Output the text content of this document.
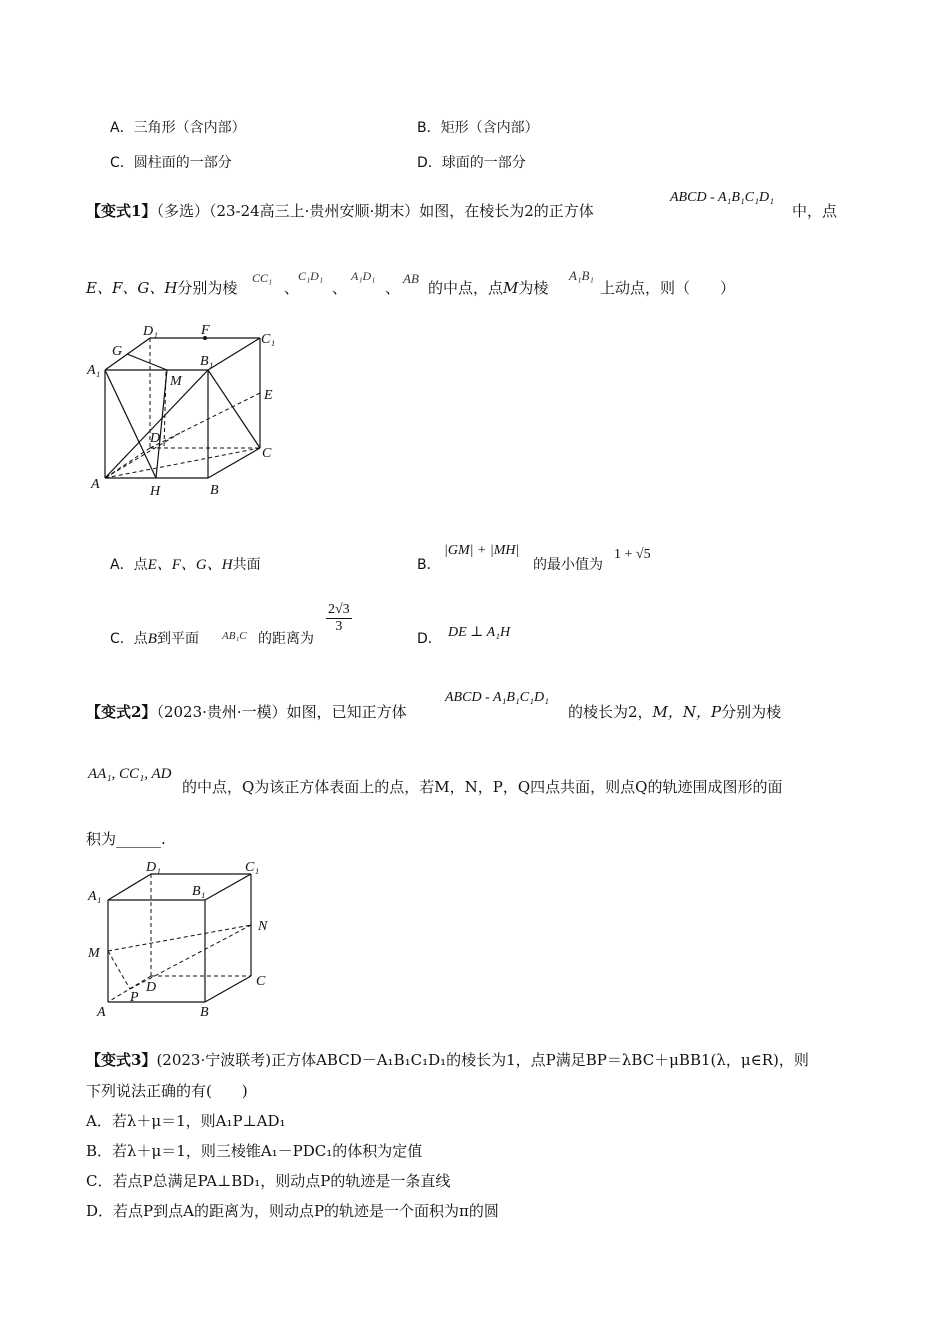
A．三角形（含内部）	B．矩形（含内部）
C．圆柱面的一部分	D．球面的一部分
【变式1】（多选）（23-24高三上·贵州安顺·期末）如图，在棱长为2的正方体
ABCD - A₁B₁C₁D₁
中，点
E、F、G、H分别为棱
CC₁
、
C₁D₁
、
A₁D₁
、
AB
的中点，点M为棱
A₁B₁
上动点，则（　　）
D₁	F
C₁
G
B₁
A₁
M
E
D
C
A	H	B
A．点E、F、G、H共面	B．
|GM| + |MH|
的最小值为
1 + √5
C．点B到平面 AB₁C 的距离为
$\frac{2√3}{3}$
D． DE ⊥ A₁H
【变式2】（2023·贵州·一模）如图，已知正方体
ABCD - A₁B₁C₁D₁
的棱长为2，M，N，P分别为棱
AA₁, CC₁, AD
的中点，Q为该正方体表面上的点，若M，N，P，Q四点共面，则点Q的轨迹围成图形的面
积为______.
D₁	C₁
A₁	B₁
N
M
C
D
P
A	B
【变式3】(2023·宁波联考)正方体ABCD－A₁B₁C₁D₁的棱长为1，点P满足BP＝λBC＋μBB1(λ，μ∈R)，则
下列说法正确的有(　　)
A．若λ＋μ＝1，则A₁P⊥AD₁
B．若λ＋μ＝1，则三棱锥A₁－PDC₁的体积为定值
C．若点P总满足PA⊥BD₁，则动点P的轨迹是一条直线
D．若点P到点A的距离为，则动点P的轨迹是一个面积为π的圆
